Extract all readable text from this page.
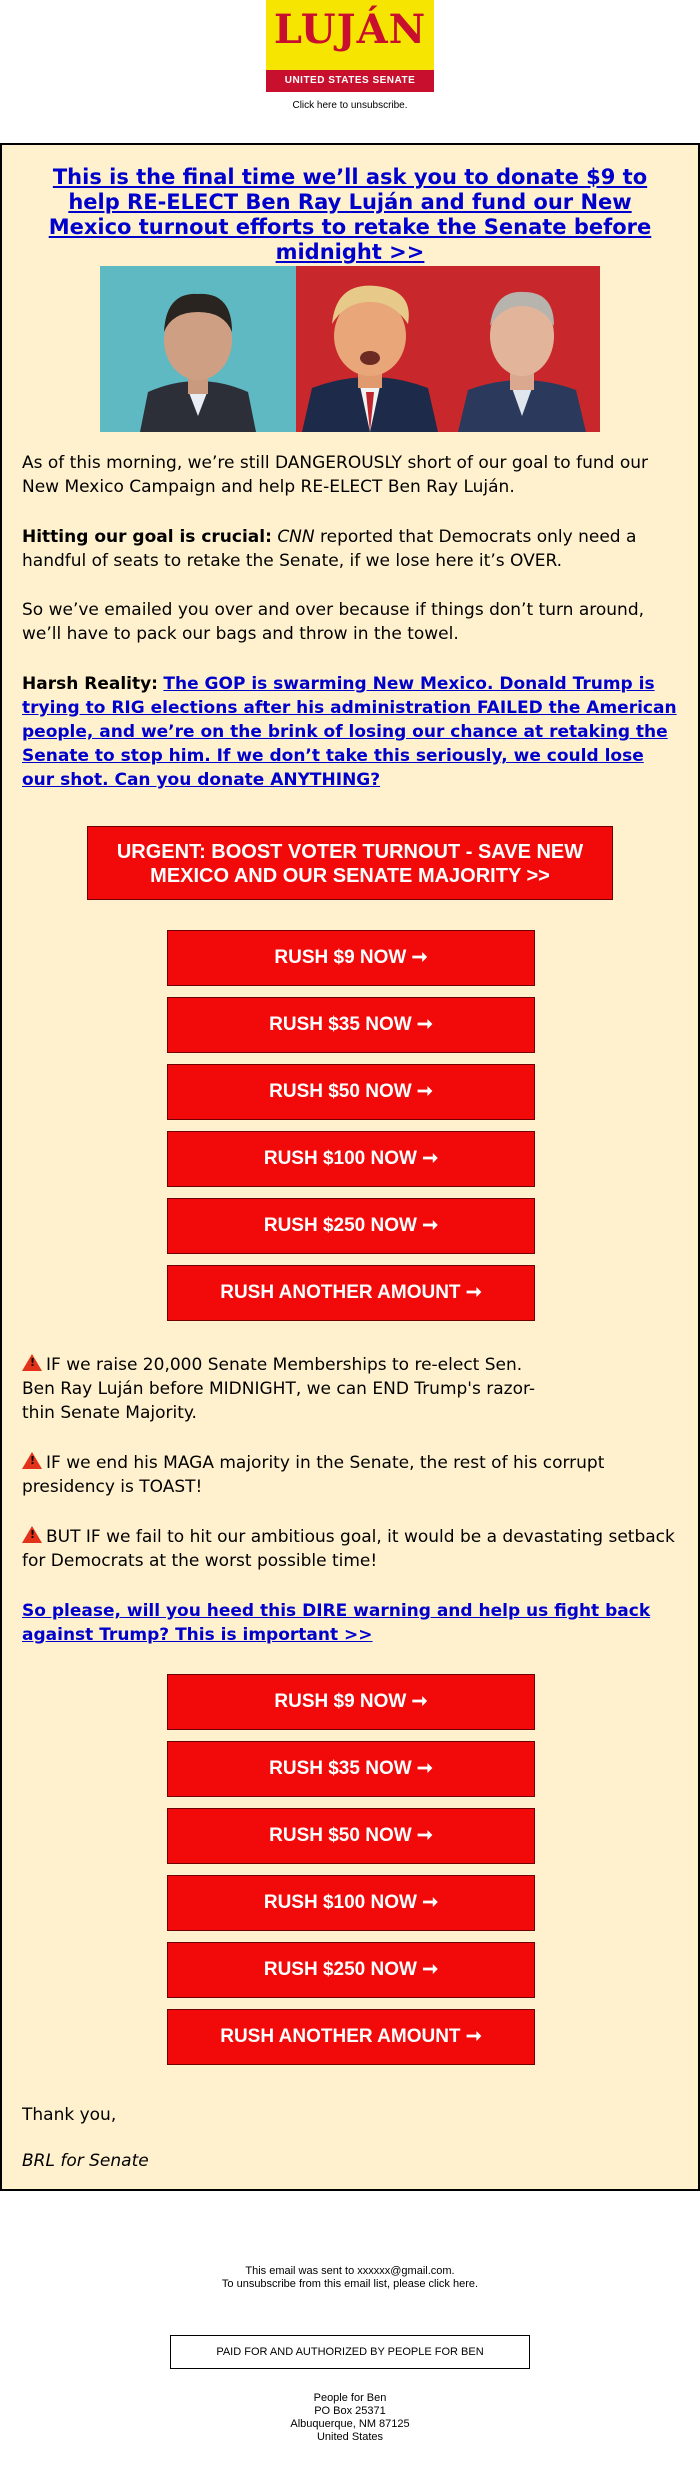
LUJÁN
UNITED STATES SENATE
Click here to unsubscribe.
This is the final time we’ll ask you to donate $9 to help RE-ELECT Ben Ray Luján and fund our New Mexico turnout efforts to retake the Senate before midnight >>
As of this morning, we’re still DANGEROUSLY short of our goal to fund our New Mexico Campaign and help RE-ELECT Ben Ray Luján.
Hitting our goal is crucial: CNN reported that Democrats only need a handful of seats to retake the Senate, if we lose here it’s OVER.
So we’ve emailed you over and over because if things don’t turn around, we’ll have to pack our bags and throw in the towel.
Harsh Reality: The GOP is swarming New Mexico. Donald Trump is trying to RIG elections after his administration FAILED the American people, and we’re on the brink of losing our chance at retaking the Senate to stop him. If we don’t take this seriously, we could lose our shot. Can you donate ANYTHING?
URGENT: BOOST VOTER TURNOUT - SAVE NEW MEXICO AND OUR SENATE MAJORITY >>
RUSH $9 NOW ➞
RUSH $35 NOW ➞
RUSH $50 NOW ➞
RUSH $100 NOW ➞
RUSH $250 NOW ➞
RUSH ANOTHER AMOUNT ➞
!IF we raise 20,000 Senate Memberships to re-elect Sen. Ben Ray Luján before MIDNIGHT, we can END Trump's razor-thin Senate Majority.
!IF we end his MAGA majority in the Senate, the rest of his corrupt presidency is TOAST!
!BUT IF we fail to hit our ambitious goal, it would be a devastating setback for Democrats at the worst possible time!
So please, will you heed this DIRE warning and help us fight back against Trump? This is important >>
RUSH $9 NOW ➞
RUSH $35 NOW ➞
RUSH $50 NOW ➞
RUSH $100 NOW ➞
RUSH $250 NOW ➞
RUSH ANOTHER AMOUNT ➞
Thank you,
BRL for Senate
This email was sent to xxxxxx@gmail.com.
To unsubscribe from this email list, please click here.
PAID FOR AND AUTHORIZED BY PEOPLE FOR BEN
People for Ben
PO Box 25371
Albuquerque, NM 87125
United States
